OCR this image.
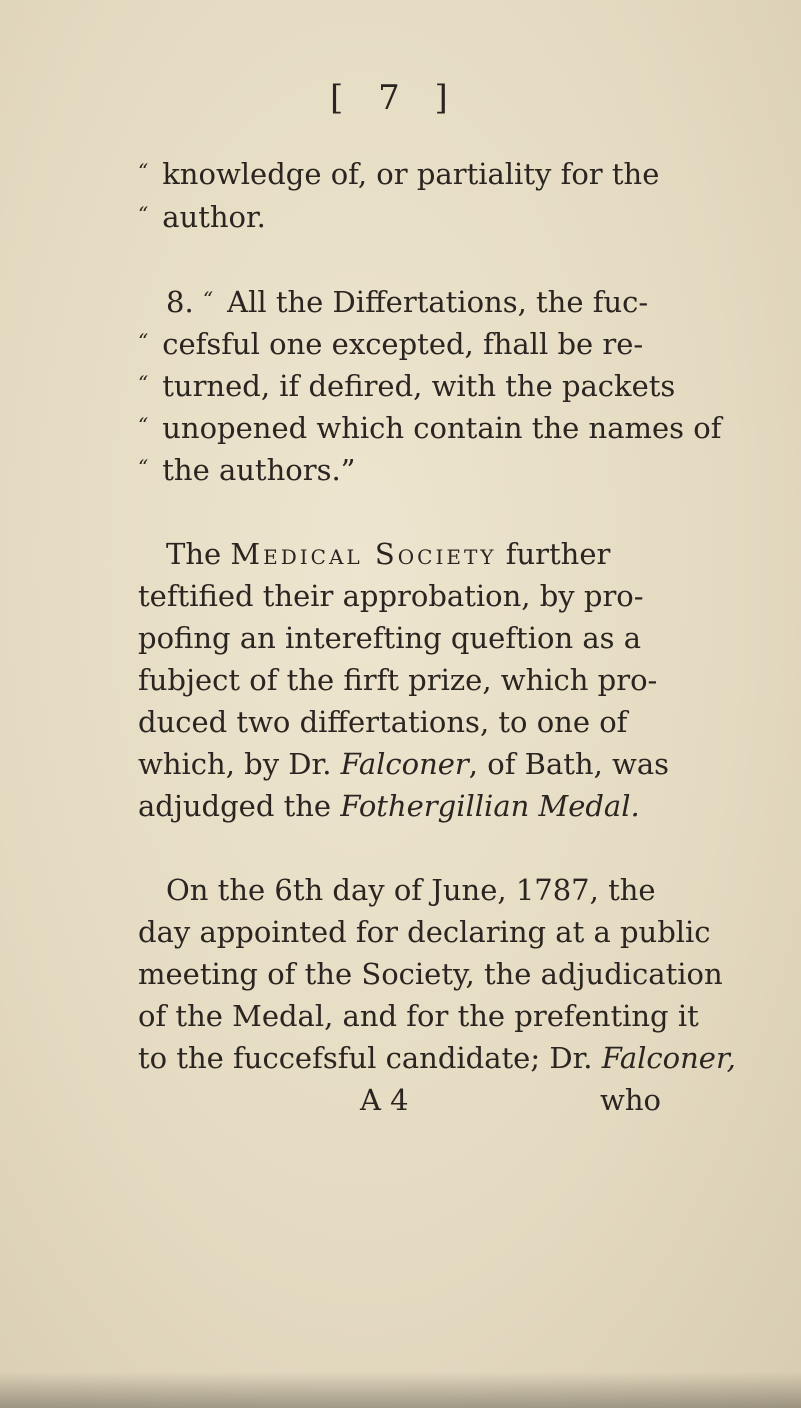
[ 7 ]
“ knowledge of, or partiality for the
“ author.
8. “ All the Differtations, the fuc-
“ cefsful one excepted, fhall be re-
“ turned, if defired, with the packets
“ unopened which contain the names of
“ the authors.”
The Medical Society further
teftified their approbation, by pro-
pofing an interefting queftion as a
fubject of the firft prize, which pro-
duced two differtations, to one of
which, by Dr. Falconer, of Bath, was
adjudged the Fothergillian Medal.
On the 6th day of June, 1787, the
day appointed for declaring at a public
meeting of the Society, the adjudication
of the Medal, and for the prefenting it
to the fuccefsful candidate; Dr. Falconer,
A 4	who
